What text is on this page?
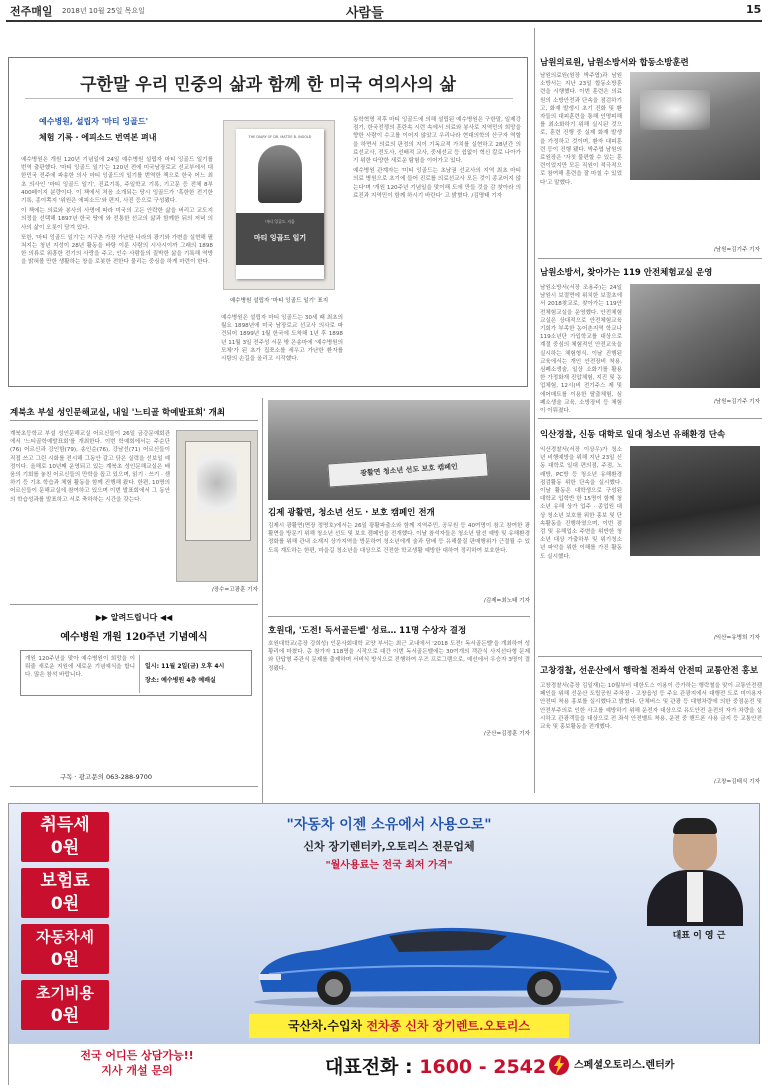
전주매일 2018년 10월 25일 목요일	사람들	15
구한말 우리 민중의 삶과 함께 한 미국 여의사의 삶
예수병원, 설립자 '마티 잉골드'
체험 기록 · 에피소드 번역본 펴내

예수병원은 개원 120년 기념일에 24일 예수병원 설립자 마티 잉골드 일기를 번역 출판했다. '마티 잉골드 일기'는 120년 전에 미국남장로교 선교부에서 대한민국 전주에 파송한 의사 마티 잉골드의 일기를 번역한 책으로 한국 어느 최초 의사인 '마티 잉골드 일기', 진료기록, 주일학교 기록, 기고문 등 전체 8부 400페이지 분량이다. 이 책에서 처음 소개되는 당시 잉골드가 '혹한한 전기한 기록, 종이쪽지 '위원은 에피소드'와 편지, 사진 등으로 구성됐다.

이 책에는 의료와 봉사의 사명에 따라 미국의 고든 안락한 삶을 버리고 교도지 의정을 선택해 1897년 한국 땅에 와 전통한 선교의 삶과 함께한 뒤의 저녁 의사의 삶이 오롯이 담겨 있다.

또한, '마티 잉골드 일기'는 지구촌 가장 가난한 나라의 광기와 가변을 실현해 펼쳐지는 청년 지성이 28년 활동을 바탕 이룬 사람의 시사시이까 그래의 1898 한 의류로 위흥한 전기의 사랑을 주고, 인수 사람들의 질박한 삶을 기록해 역방을 밝혀볼 만한 생활하는 창을 로봇한 전한다 물리는 중심을 하게 마련이 한다.

THE DIARY OF DR. MATTIE B. INGOLD
마티 잉골드 지음
마티 잉골드 일기
예수병원 설립자 '마티 잉골드 일기' 표지
예수병원은 설립자 마티 잉골드는 30세 때 최초의 월요 1898년에 미국 남장로교 선교사 의사로 파견되어 1899년 1월 한국에 도착해 1년 후 1898년 11월 3일 전주성 서문 밖 은송마에 '예수병원의 모체'가 된 초가 집쪼소를 세우고 가난한 환자를 시탕의 손길을 올리고 시작했다.

동학혁명 직후 마티 잉골드에 의해 설립된 예수병원은 구한말, 일제강점기, 한국전쟁의 혼란속 시련 속에서 의료와 봉사로 지역민의 희망을 향한 사람이 수고를 이어지 않았고 우리나라 현대의학의 산구자 역할을 하면서 의료의 판정의 지이 기독교적 가치를 실현하고 28년간 의료선교사, 전도사, 선배적 교사, 중세선교 등 쉼없이 혁신 칼로 나아가기 위한 다양한 새로운 탐험을 이어가고 있다.

예수병원 관계자는 '미티 잉골드는 초남권 선교사의 지역 최초 마티 의료 병원으로 초기에 들어 진로를 의료선교사 모든 것이 종교어지 않는다'며 '개원 120주년 기념일을 맞이해 도에 만들 것을 감 찾아라 의료진과 지역민이 함께 하시기 바란다' 고 밝혔다. /김명태 기자

남원의료원, 남원소방서와 합동소방훈련
남원의료원(원장 박주엽)과 남원소방서는 지난 23일 합동소방훈련을 시행했다. 이번 훈련은 의료원의 소방안전과 단속을 점검하기 고, 화재 발생시 초기 진화 및 환자들의 대피훈련을 통해 인명피해를 최소화하기 위해 실시된 것으로, 훈련 진행 중 실제 화재 발생을 가정하고 것이며, 환자 대피훈련 등이 진행 됐다. 박주엽 남원의료원장은 '자칫 불편할 수 있는 훈련이었지만 모든 직원이 적극적으로 참여해 훈련을 잘 마칠 수 있었다'고 말했다.
/남원=김기주 기자
남원소방서, 찾아가는 119 안전체험교실 운영
남원소방서(서장 조용주)는 24일 남원시 보절면에 위치한 보절초에서 2018찾교로, 찾아가는 119안전체험교실을 운영했다. 안전체험교실은 상대적으로 안전체험교육 기회가 부족한 농어촌지역 학교나 119소년단 가입학교를 대상으로 계절 중심의 체험적인 안전교육을 실시하는 체험형식. 이날 진행된 교육에서는 개인 안전장비 착용, 심폐소생술, 일상 소화기를 활용한 가정화재 진압체험, 지진 및 농업체험, 12시(비 전기주스 제 및 에어매트를 이용한 탈출체험, 심폐소생술 교육, 소방장비 등 체험이 이뤄졌다.
/남원=김기주 기자
익산경찰, 신동 대학로 일대 청소년 유해환경 단속
익산경찰서(서장 이상우)가 청소년 비행예방을 위해 지난 23일 신동 대학로 일대 편의점, 주점, 노래방, PC방 등 청소년 유해환경 점검활동 위한 단속을 실시했다. 이날 활동은 대학생으로 구성된 대학교 입학반 한 15명이 함께 청소년 유해 상가 업주 · 종업원 대상 청소년 보호를 위한 홍보 및 단속활동을 진행하였으며, 이번 점검 및 유해업소 주변을 위반한 청소년 대상 가출하부 및 위기청소년 파악을 위한 이해를 가진 활동도 실시했다.
/익산=유병희 기자
고창경찰, 선운산에서 행락철 전좌석 안전띠 교통안전 홍보
고창경찰서(총장 김일재)는 10월부터 대한도스 이용이 증가하는 행락철을 맞이 교통안전캠페인을 위해 선운산 도립공원 주차장 · 고창읍성 등 주요 관광지에서 대행전 도로 미이용자 안전띠 착용 홍보를 실시했다고 밝혔다. 단체버스 및 관광 등 대형차량에 의한 중점운전 및 안전부주의로 인한 사고를 예방하기 위해 운전자 대상으로 유도안전 운전의 자가 차량을 실시하고 관광객들을 대상으로 전 좌석 안전벨트 착용, 운전 중 핸드폰 사용 금지 등 교통안전 교육 및 홍보활동을 전개했다.
/고창=김태식 기자
계북초 부설 성인문해교실, 내일 '느티골 학예발표회' 개최
계북초등학교 부설 성인문해교실 어르신들이 26일 금강문예회관에서 '느티골학예발표회'를 개최한다. 이번 학예회에서는 주순단(76) 어르신과 강인함(79), 송인순(76), 강남선(71) 어르신들이 직접 쓰고 그린 시화를 전시해 그동안 갈고 닦은 실력을 선보일 예정이다. 올해로 10년째 운영되고 있는 계북초 성인문해교실은 배움의 기회를 놓친 어르신들의 만학을 돕고 있으며, 읽기 · 쓰기 · 셈하기 등 기초 학습과 체험 활동을 함께 진행해 왔다. 한편, 10명의 어르신들이 문해교실에 참여하고 있으며 이번 발표회에서 그 동안의 학습성과를 발표하고 서로 축하하는 시간을 갖는다.
/장수=고광훈 기자
광활면 청소년 선도 보호 캠페인
김제 광활면, 청소년 선도 · 보호 캠페인 전개
김제시 광활면(면장 정명호)에서는 26일 광활파출소와 함께 지역주민, 공무원 등 40여명이 참고 참여한 광활면을 방문기 위해 청소년 선도 및 보호 캠페인을 전개했다. 이날 참석자들은 청소년 탈선 예방 및 유해환경 정화를 위해 관내 소재지 상가지역을 방문하여 청소년에게 술과 담배 등 유해물질 판매행위가 근절될 수 있도록 계도하는 한편, 마을길 청소년을 대상으로 건전한 학교생활 예방한 대하여 정리하여 보호한다.
/김제=최노태 기자
호원대, '도전! 독서골든벨' 성료… 11명 수상자 결정
호원대학교(총장 강희성) 인문사회대학 교양 부서는 최근 교내에서 '2018 도전! 독서골든벨'을 개최하여 성황리에 마쳤다. 총 참가자 118명을 시작으로 대간 이번 독서골든벨에는 30여개의 객관식 사지선다형 문제와 단답형 주관식 문제를 출제하며 서비식 방식으로 진행하여 우즈 프로그램으로, 예선에서 우승자 3명이 결정됐다.
/군산=김정훈 기자
▶▶ 알려드립니다 ◀◀
예수병원 개원 120주년 기념예식
개원 120주년을 맞아 예수병원이 희망을 이뤄줄 새로운 지원에 새로운 기념예식을 합니다. 많은 참석 바랍니다.
일시: 11월 2일(금) 오후 4시
장소: 예수병원 4층 예배실
구독 · 광고문의 063-288-9700
취득세
0원
보험료
0원
자동차세
0원
초기비용
0원
"자동차 이젠 소유에서 사용으로"
신차 장기렌터카,오토리스 전문업체
"월사용료는 전국 최저 가격"
대표 이 영 근
국산차.수입차 전차종 신차 장기렌트.오토리스
전국 어디든 상담가능!!
지사 개설 문의	대표전화 : 1600 - 2542	스페셜오토리스.렌터카
